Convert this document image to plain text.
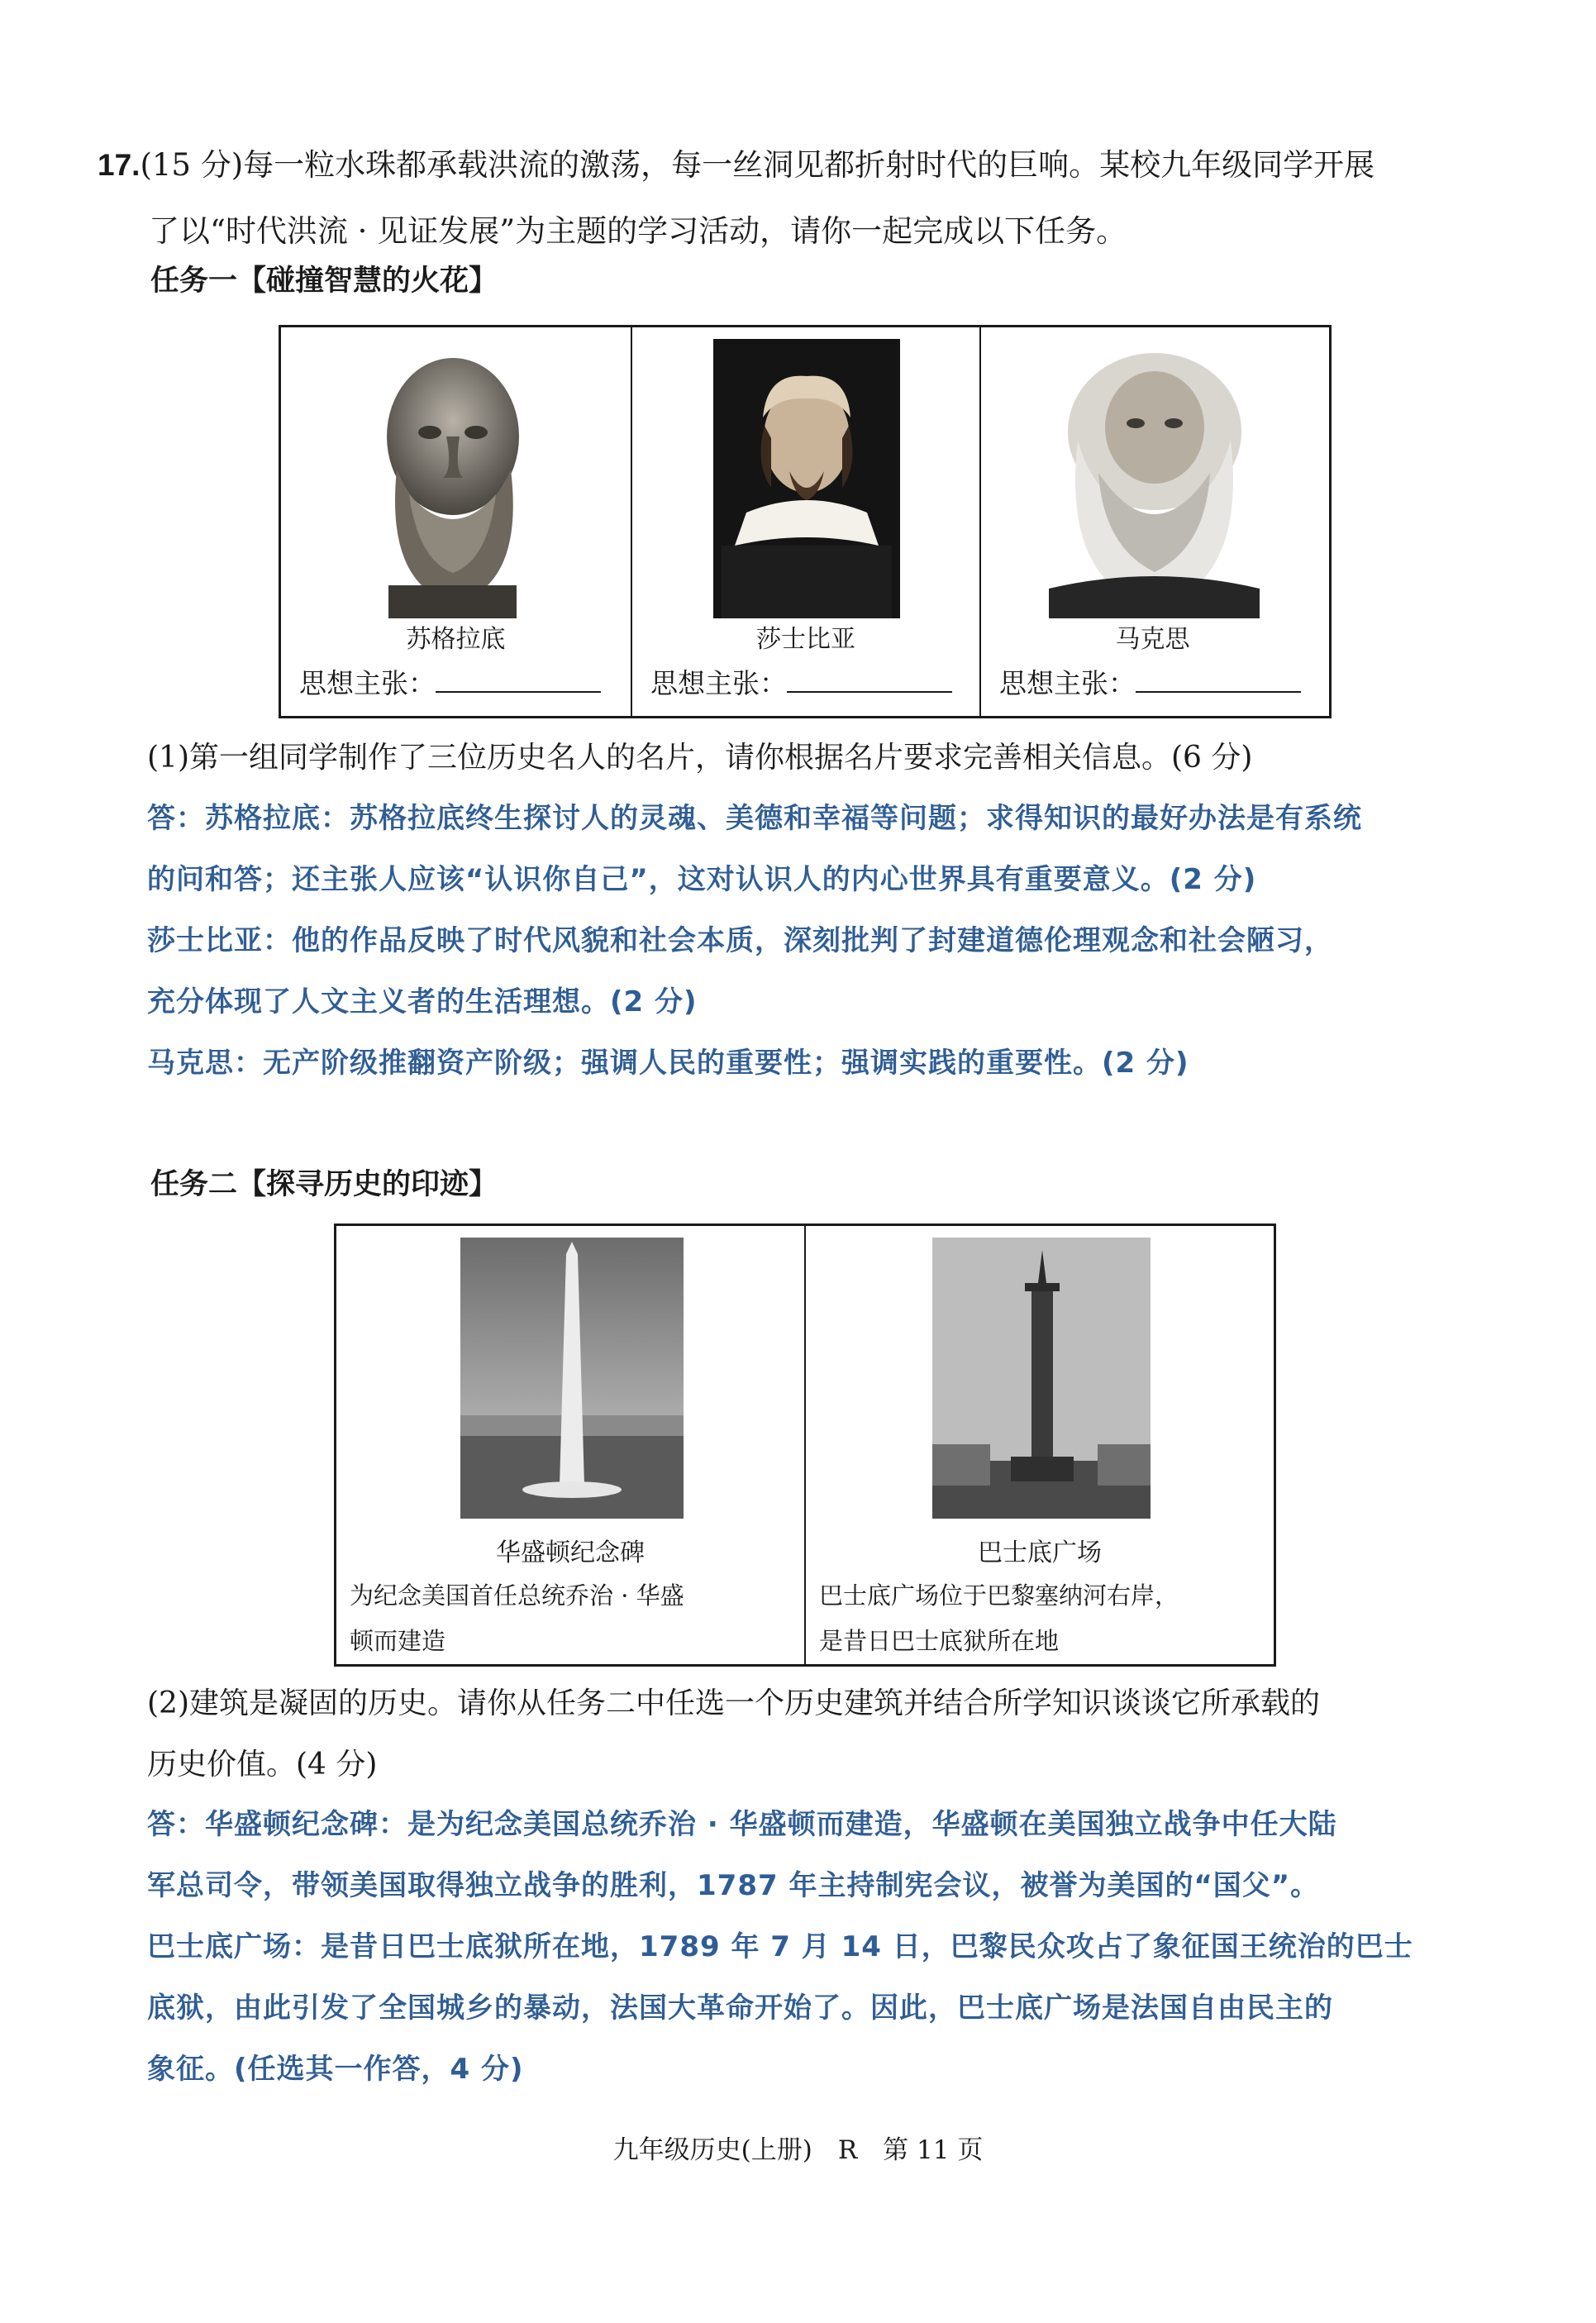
17.(15 分)每一粒水珠都承载洪流的激荡，每一丝洞见都折射时代的巨响。某校九年级同学开展
了以“时代洪流 · 见证发展”为主题的学习活动，请你一起完成以下任务。
任务一【碰撞智慧的火花】
苏格拉底
思想主张：
莎士比亚
思想主张：
马克思
思想主张：
(1)第一组同学制作了三位历史名人的名片，请你根据名片要求完善相关信息。(6 分)
答：苏格拉底：苏格拉底终生探讨人的灵魂、美德和幸福等问题；求得知识的最好办法是有系统
的问和答；还主张人应该“认识你自己”，这对认识人的内心世界具有重要意义。(2 分)
莎士比亚：他的作品反映了时代风貌和社会本质，深刻批判了封建道德伦理观念和社会陋习，
充分体现了人文主义者的生活理想。(2 分)
马克思：无产阶级推翻资产阶级；强调人民的重要性；强调实践的重要性。(2 分)
任务二【探寻历史的印迹】
华盛顿纪念碑
为纪念美国首任总统乔治 · 华盛
顿而建造
巴士底广场
巴士底广场位于巴黎塞纳河右岸，
是昔日巴士底狱所在地
(2)建筑是凝固的历史。请你从任务二中任选一个历史建筑并结合所学知识谈谈它所承载的
历史价值。(4 分)
答：华盛顿纪念碑：是为纪念美国总统乔治 · 华盛顿而建造，华盛顿在美国独立战争中任大陆
军总司令，带领美国取得独立战争的胜利，1787 年主持制宪会议，被誉为美国的“国父”。
巴士底广场：是昔日巴士底狱所在地，1789 年 7 月 14 日，巴黎民众攻占了象征国王统治的巴士
底狱，由此引发了全国城乡的暴动，法国大革命开始了。因此，巴士底广场是法国自由民主的
象征。(任选其一作答，4 分)
九年级历史(上册)　R　第 11 页
